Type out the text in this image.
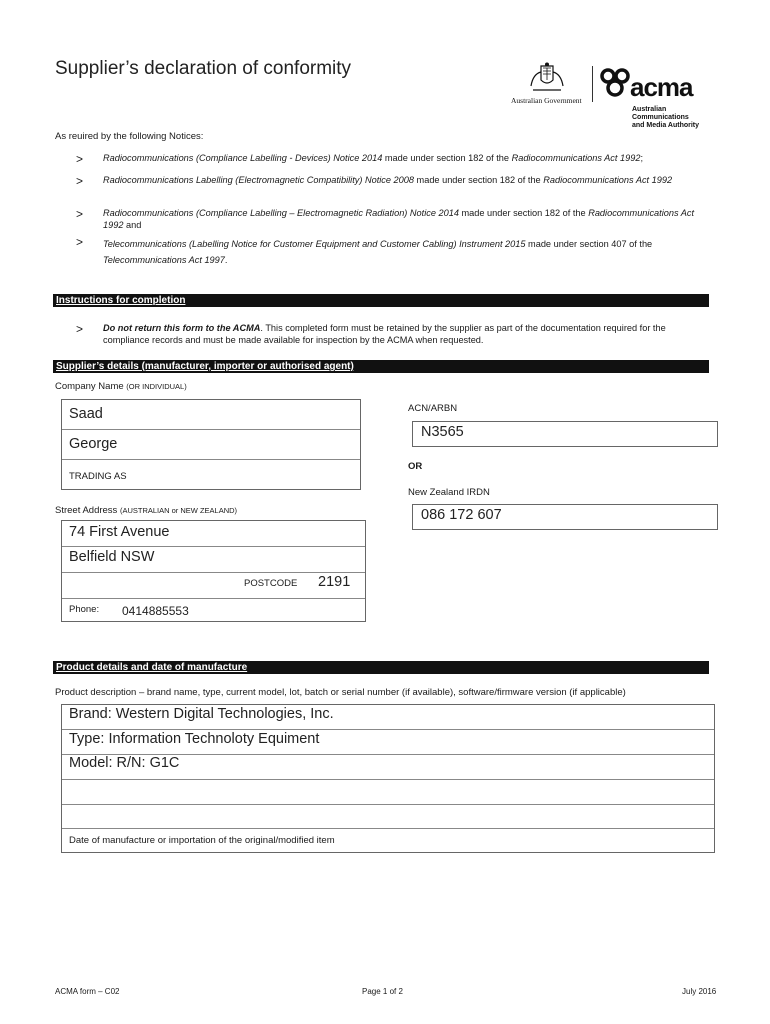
Supplier’s declaration of conformity
Australian Government acma
Australian
Communications
and Media Authority
As reuired by the following Notices:
> Radiocommunications (Compliance Labelling - Devices) Notice 2014 made under section 182 of the Radiocommunications Act 1992;
> Radiocommunications Labelling (Electromagnetic Compatibility) Notice 2008 made under section 182 of the Radiocommunications Act 1992
> Radiocommunications (Compliance Labelling – Electromagnetic Radiation) Notice 2014 made under section 182 of the Radiocommunications Act 1992 and
> Telecommunications (Labelling Notice for Customer Equipment and Customer Cabling) Instrument 2015 made under section 407 of the Telecommunications Act 1997.
Instructions for completion
> Do not return this form to the ACMA. This completed form must be retained by the supplier as part of the documentation required for the compliance records and must be made available for inspection by the ACMA when requested.
Supplier’s details (manufacturer, importer or authorised agent)
Company Name (OR INDIVIDUAL)
Saad
George
TRADING AS
Street Address (AUSTRALIAN or NEW ZEALAND)
74 First Avenue
Belfield NSW
POSTCODE 2191
Phone: 0414885553
ACN/ARBN
N3565
OR
New Zealand IRDN
086 172 607
Product details and date of manufacture
Product description – brand name, type, current model, lot, batch or serial number (if available), software/firmware version (if applicable)
Brand: Western Digital Technologies, Inc.
Type: Information Technoloty Equiment
Model: R/N: G1C
Date of manufacture or importation of the original/modified item
ACMA form – C02	Page 1 of 2	July 2016
